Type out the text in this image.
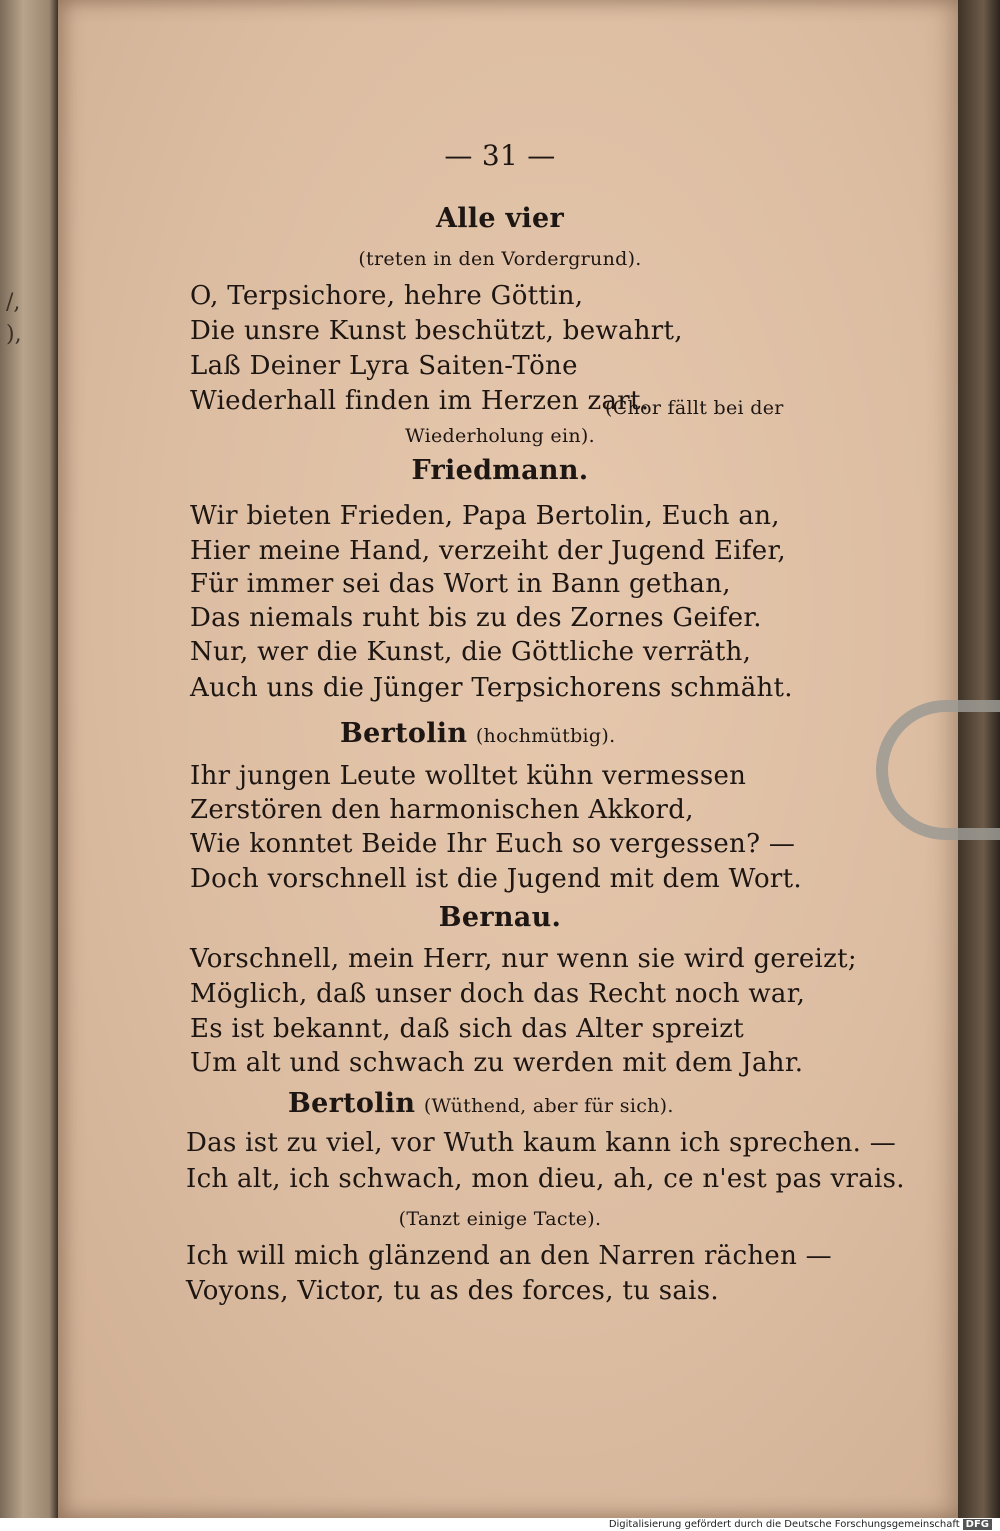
/,
),
— 31 —
Alle vier
(treten in den Vordergrund).
O, Terpsichore, hehre Göttin,
Die unsre Kunst beschützt, bewahrt,
Laß Deiner Lyra Saiten-Töne
Wiederhall finden im Herzen zart.
(Chor fällt bei der
Wiederholung ein).
Friedmann.
Wir bieten Frieden, Papa Bertolin, Euch an,
Hier meine Hand, verzeiht der Jugend Eifer,
Für immer sei das Wort in Bann gethan,
Das niemals ruht bis zu des Zornes Geifer.
Nur, wer die Kunst, die Göttliche verräth,
Auch uns die Jünger Terpsichorens schmäht.
Bertolin (hochmütbig).
Ihr jungen Leute wolltet kühn vermessen
Zerstören den harmonischen Akkord,
Wie konntet Beide Ihr Euch so vergessen? —
Doch vorschnell ist die Jugend mit dem Wort.
Bernau.
Vorschnell, mein Herr, nur wenn sie wird gereizt;
Möglich, daß unser doch das Recht noch war,
Es ist bekannt, daß sich das Alter spreizt
Um alt und schwach zu werden mit dem Jahr.
Bertolin (Wüthend, aber für sich).
Das ist zu viel, vor Wuth kaum kann ich sprechen. —
Ich alt, ich schwach, mon dieu, ah, ce n'est pas vrais.
(Tanzt einige Tacte).
Ich will mich glänzend an den Narren rächen —
Voyons, Victor, tu as des forces, tu sais.
Digitalisierung gefördert durch die Deutsche Forschungsgemeinschaft DFG
